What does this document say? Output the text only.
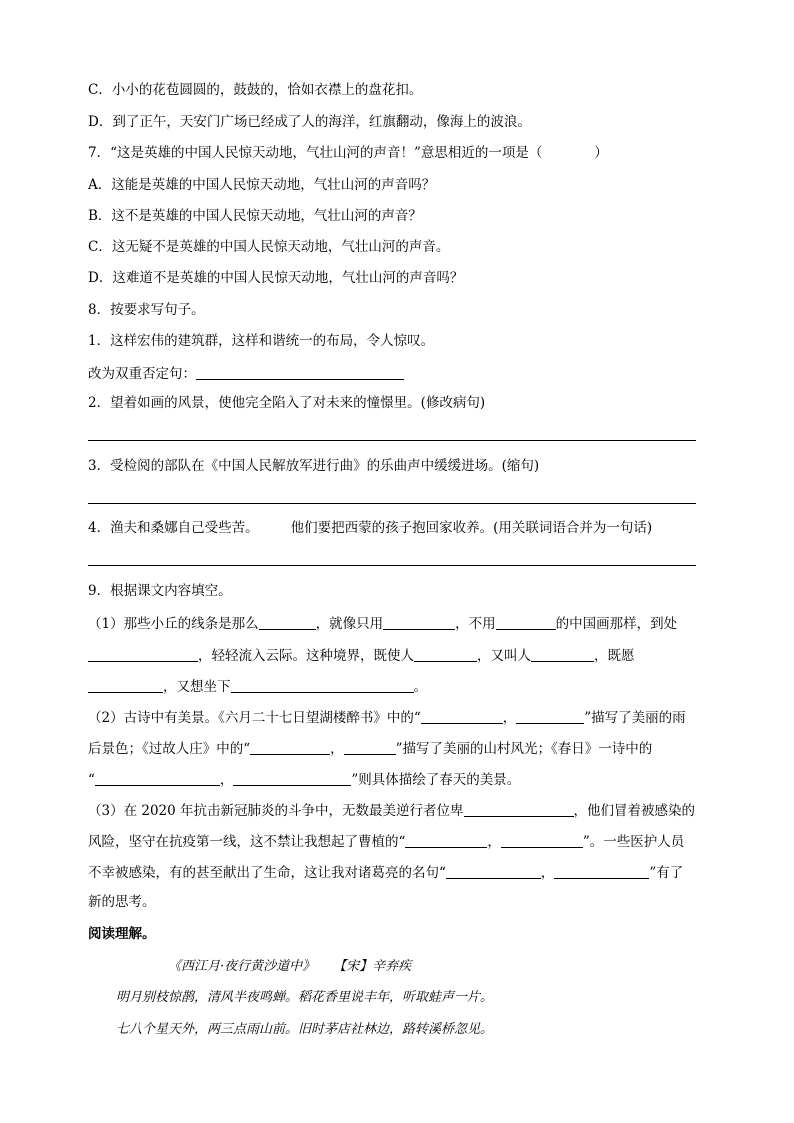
C．小小的花苞圆圆的，鼓鼓的，恰如衣襟上的盘花扣。
D．到了正午，天安门广场已经成了人的海洋，红旗翻动，像海上的波浪。
7．“这是英雄的中国人民惊天动地，气壮山河的声音！”意思相近的一项是（	）
A．这能是英雄的中国人民惊天动地，气壮山河的声音吗？
B．这不是英雄的中国人民惊天动地，气壮山河的声音？
C．这无疑不是英雄的中国人民惊天动地，气壮山河的声音。
D．这难道不是英雄的中国人民惊天动地，气壮山河的声音吗？
8．按要求写句子。
1．这样宏伟的建筑群，这样和谐统一的布局，令人惊叹。
改为双重否定句：
2．望着如画的风景，使他完全陷入了对未来的憧憬里。(修改病句)
3．受检阅的部队在《中国人民解放军进行曲》的乐曲声中缓缓进场。(缩句)
4．渔夫和桑娜自己受些苦。 他们要把西蒙的孩子抱回家收养。(用关联词语合并为一句话)
9．根据课文内容填空。
（1）那些小丘的线条是那么	，就像只用	，不用	的中国画那样，到处
，轻轻流入云际。这种境界，既使人	，又叫人	，既愿
，又想坐下	。
（2）古诗中有美景。《六月二十七日望湖楼醉书》中的“	，	”描写了美丽的雨
后景色；《过故人庄》中的“	，	”描写了美丽的山村风光；《春日》一诗中的
“	，	”则具体描绘了春天的美景。
（3）在 2020 年抗击新冠肺炎的斗争中，无数最美逆行者位卑	，他们冒着被感染的
风险，坚守在抗疫第一线，这不禁让我想起了曹植的“	，	”。一些医护人员
不幸被感染，有的甚至献出了生命，这让我对诸葛亮的名句“	，	”有了
新的思考。
阅读理解。
《西江月·夜行黄沙道中》 【宋】辛弃疾
明月别枝惊鹊，清风半夜鸣蝉。稻花香里说丰年，听取蛙声一片。
七八个星天外，两三点雨山前。旧时茅店社林边，路转溪桥忽见。
